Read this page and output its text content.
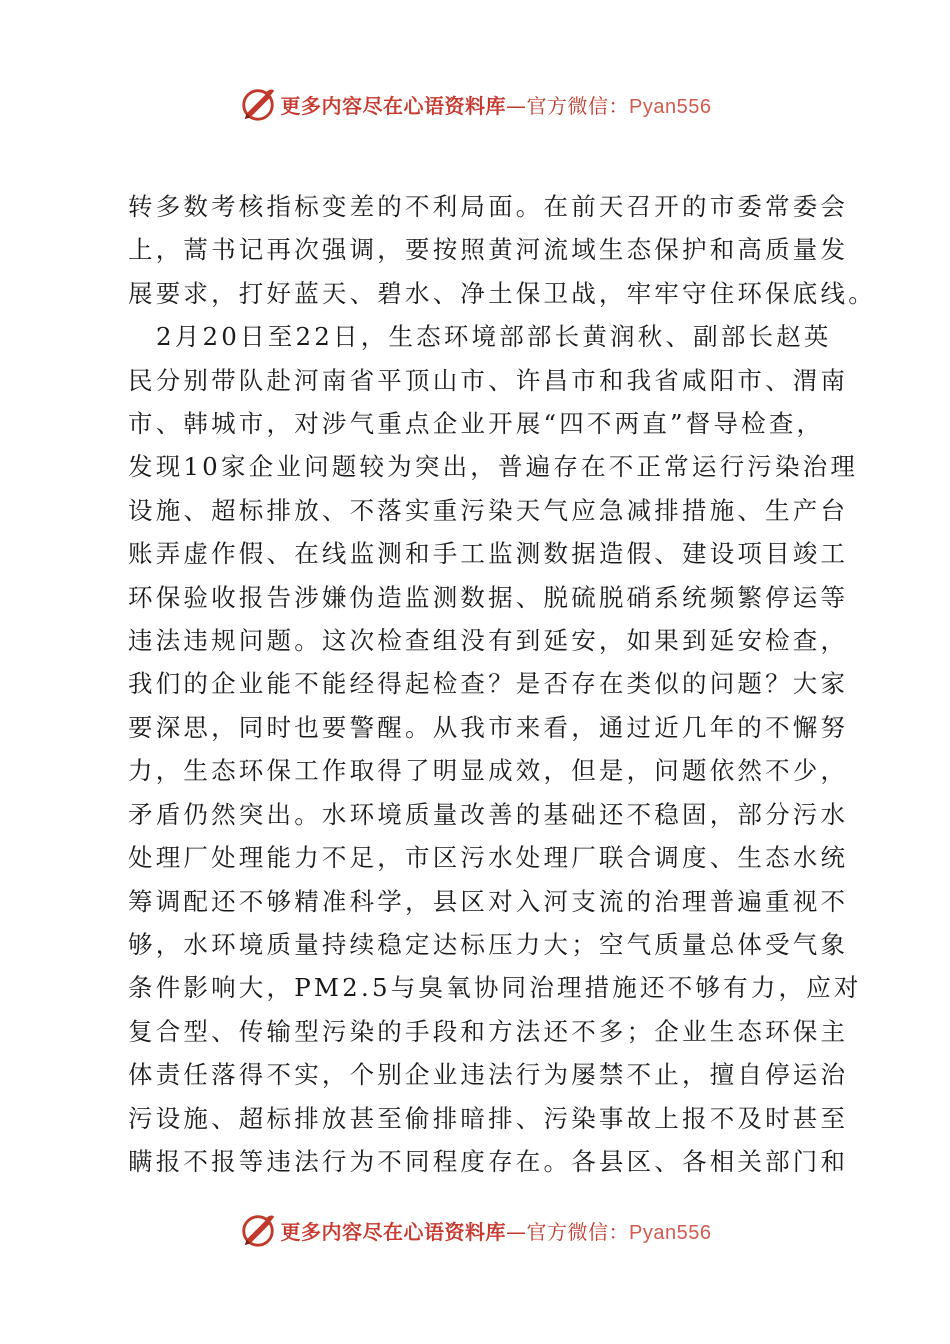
更多内容尽在心语资料库—官方微信：Pyan556
转多数考核指标变差的不利局面。在前天召开的市委常委会
上，蒿书记再次强调，要按照黄河流域生态保护和高质量发
展要求，打好蓝天、碧水、净土保卫战，牢牢守住环保底线。
2月20日至22日，生态环境部部长黄润秋、副部长赵英
民分别带队赴河南省平顶山市、许昌市和我省咸阳市、渭南
市、韩城市，对涉气重点企业开展“四不两直”督导检查，
发现10家企业问题较为突出，普遍存在不正常运行污染治理
设施、超标排放、不落实重污染天气应急减排措施、生产台
账弄虚作假、在线监测和手工监测数据造假、建设项目竣工
环保验收报告涉嫌伪造监测数据、脱硫脱硝系统频繁停运等
违法违规问题。这次检查组没有到延安，如果到延安检查，
我们的企业能不能经得起检查？是否存在类似的问题？大家
要深思，同时也要警醒。从我市来看，通过近几年的不懈努
力，生态环保工作取得了明显成效，但是，问题依然不少，
矛盾仍然突出。水环境质量改善的基础还不稳固，部分污水
处理厂处理能力不足，市区污水处理厂联合调度、生态水统
筹调配还不够精准科学，县区对入河支流的治理普遍重视不
够，水环境质量持续稳定达标压力大；空气质量总体受气象
条件影响大，PM2.5与臭氧协同治理措施还不够有力，应对
复合型、传输型污染的手段和方法还不多；企业生态环保主
体责任落得不实，个别企业违法行为屡禁不止，擅自停运治
污设施、超标排放甚至偷排暗排、污染事故上报不及时甚至
瞒报不报等违法行为不同程度存在。各县区、各相关部门和
更多内容尽在心语资料库—官方微信：Pyan556
